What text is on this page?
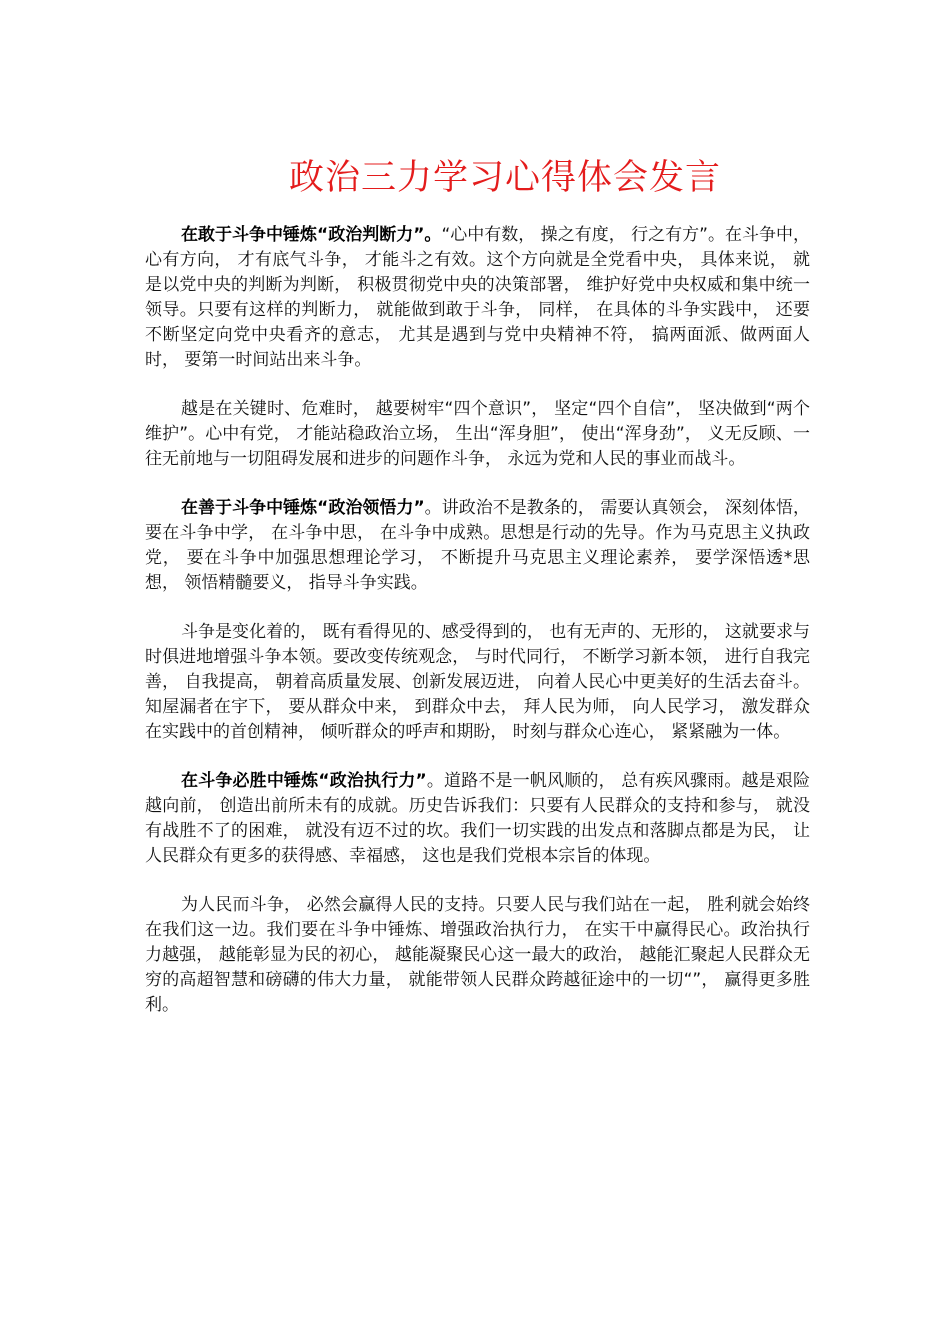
政治三力学习心得体会发言

在敢于斗争中锤炼“政治判断力”。“心中有数， 操之有度， 行之有方”。在斗争中， 心有方向， 才有底气斗争， 才能斗之有效。这个方向就是全党看中央， 具体来说， 就是以党中央的判断为判断， 积极贯彻党中央的决策部署， 维护好党中央权威和集中统一领导。只要有这样的判断力， 就能做到敢于斗争， 同样， 在具体的斗争实践中， 还要不断坚定向党中央看齐的意志， 尤其是遇到与党中央精神不符， 搞两面派、做两面人时， 要第一时间站出来斗争。

越是在关键时、危难时， 越要树牢“四个意识”， 坚定“四个自信”， 坚决做到“两个维护”。心中有党， 才能站稳政治立场， 生出“浑身胆”， 使出“浑身劲”， 义无反顾、一往无前地与一切阻碍发展和进步的问题作斗争， 永远为党和人民的事业而战斗。

在善于斗争中锤炼“政治领悟力”。讲政治不是教条的， 需要认真领会， 深刻体悟， 要在斗争中学， 在斗争中思， 在斗争中成熟。思想是行动的先导。作为马克思主义执政党， 要在斗争中加强思想理论学习， 不断提升马克思主义理论素养， 要学深悟透*思想， 领悟精髓要义， 指导斗争实践。

斗争是变化着的， 既有看得见的、感受得到的， 也有无声的、无形的， 这就要求与时俱进地增强斗争本领。要改变传统观念， 与时代同行， 不断学习新本领， 进行自我完善， 自我提高， 朝着高质量发展、创新发展迈进， 向着人民心中更美好的生活去奋斗。知屋漏者在宇下， 要从群众中来， 到群众中去， 拜人民为师， 向人民学习， 激发群众在实践中的首创精神， 倾听群众的呼声和期盼， 时刻与群众心连心， 紧紧融为一体。

在斗争必胜中锤炼“政治执行力”。道路不是一帆风顺的， 总有疾风骤雨。越是艰险越向前， 创造出前所未有的成就。历史告诉我们：只要有人民群众的支持和参与， 就没有战胜不了的困难， 就没有迈不过的坎。我们一切实践的出发点和落脚点都是为民， 让人民群众有更多的获得感、幸福感， 这也是我们党根本宗旨的体现。

为人民而斗争， 必然会赢得人民的支持。只要人民与我们站在一起， 胜利就会始终在我们这一边。我们要在斗争中锤炼、增强政治执行力， 在实干中赢得民心。政治执行力越强， 越能彰显为民的初心， 越能凝聚民心这一最大的政治， 越能汇聚起人民群众无穷的高超智慧和磅礴的伟大力量， 就能带领人民群众跨越征途中的一切“”， 赢得更多胜利。
